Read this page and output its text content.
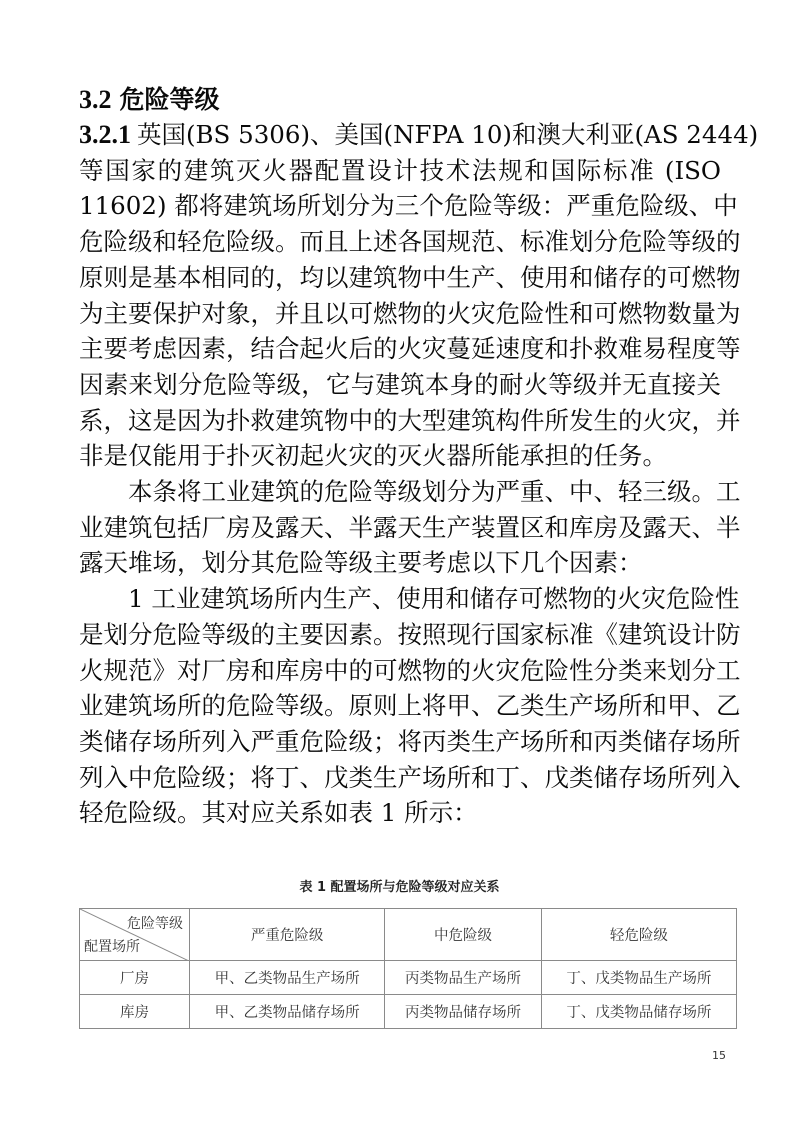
3.2 危险等级
3.2.1 英国(BS 5306)、美国(NFPA 10)和澳大利亚(AS 2444)
等国家的建筑灭火器配置设计技术法规和国际标准 (ISO
11602) 都将建筑场所划分为三个危险等级：严重危险级、中
危险级和轻危险级。而且上述各国规范、标准划分危险等级的
原则是基本相同的，均以建筑物中生产、使用和储存的可燃物
为主要保护对象，并且以可燃物的火灾危险性和可燃物数量为
主要考虑因素，结合起火后的火灾蔓延速度和扑救难易程度等
因素来划分危险等级，它与建筑本身的耐火等级并无直接关
系，这是因为扑救建筑物中的大型建筑构件所发生的火灾，并
非是仅能用于扑灭初起火灾的灭火器所能承担的任务。
本条将工业建筑的危险等级划分为严重、中、轻三级。工
业建筑包括厂房及露天、半露天生产装置区和库房及露天、半
露天堆场，划分其危险等级主要考虑以下几个因素：
1 工业建筑场所内生产、使用和储存可燃物的火灾危险性
是划分危险等级的主要因素。按照现行国家标准《建筑设计防
火规范》对厂房和库房中的可燃物的火灾危险性分类来划分工
业建筑场所的危险等级。原则上将甲、乙类生产场所和甲、乙
类储存场所列入严重危险级；将丙类生产场所和丙类储存场所
列入中危险级；将丁、戊类生产场所和丁、戊类储存场所列入
轻危险级。其对应关系如表 1 所示：
表 1 配置场所与危险等级对应关系
危险等级
配置场所	严重危险级	中危险级	轻危险级
厂房	甲、乙类物品生产场所	丙类物品生产场所	丁、戊类物品生产场所
库房	甲、乙类物品储存场所	丙类物品储存场所	丁、戊类物品储存场所
15
